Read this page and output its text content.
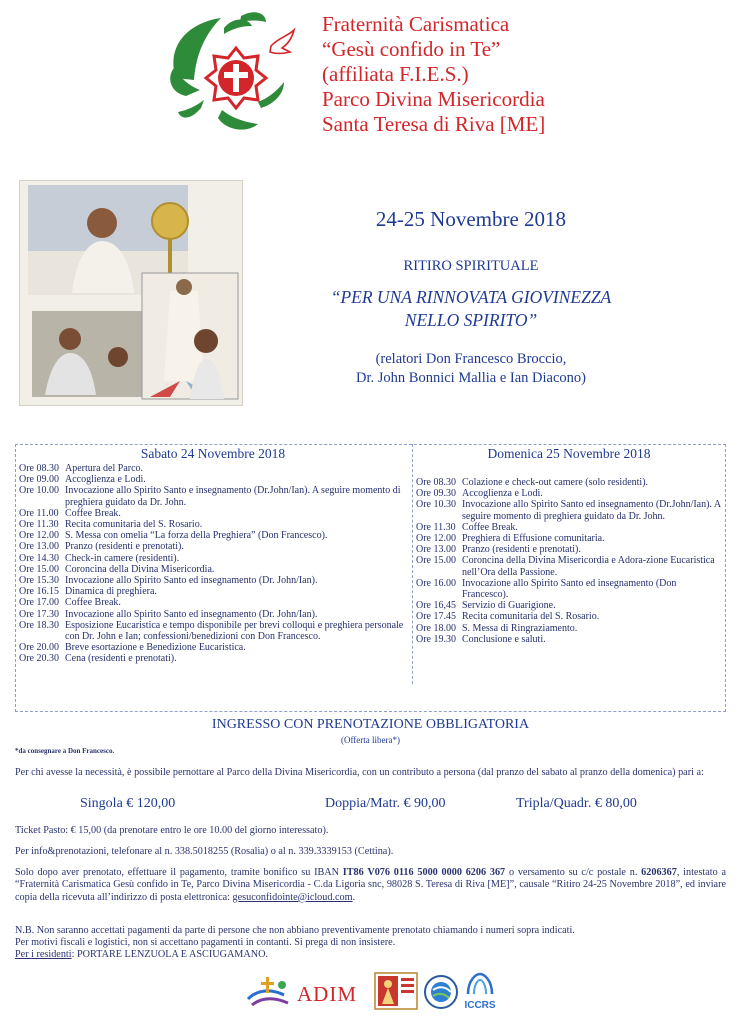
Fraternità Carismatica
“Gesù confido in Te”
(affiliata F.I.E.S.)
Parco Divina Misericordia
Santa Teresa di Riva [ME]
24-25 Novembre 2018
RITIRO SPIRITUALE
“PER UNA RINNOVATA GIOVINEZZA
NELLO SPIRITO”
(relatori Don Francesco Broccio,
Dr. John Bonnici Mallia e Ian Diacono)
Sabato 24 Novembre 2018	Domenica 25 Novembre 2018
Ore 08.30 Apertura del Parco.
Ore 09.00 Accoglienza e Lodi.
Ore 10.00 Invocazione allo Spirito Santo e insegnamento (Dr.John/Ian). A seguire momento di preghiera guidato da Dr. John.
Ore 11.00 Coffee Break.
Ore 11.30 Recita comunitaria del S. Rosario.
Ore 12.00 S. Messa con omelia “La forza della Preghiera” (Don Francesco).
Ore 13.00 Pranzo (residenti e prenotati).
Ore 14.30 Check-in camere (residenti).
Ore 15.00 Coroncina della Divina Misericordia.
Ore 15.30 Invocazione allo Spirito Santo ed insegnamento (Dr. John/Ian).
Ore 16.15 Dinamica di preghiera.
Ore 17.00 Coffee Break.
Ore 17.30 Invocazione allo Spirito Santo ed insegnamento (Dr. John/Ian).
Ore 18.30 Esposizione Eucaristica e tempo disponibile per brevi colloqui e preghiera personale con Dr. John e Ian; confessioni/benedizioni con Don Francesco.
Ore 20.00 Breve esortazione e Benedizione Eucaristica.
Ore 20.30 Cena (residenti e prenotati).
Ore 08.30 Colazione e check-out camere (solo residenti).
Ore 09.30 Accoglienza e Lodi.
Ore 10.30 Invocazione allo Spirito Santo ed insegnamento (Dr.John/Ian). A seguire momento di preghiera guidato da Dr. John.
Ore 11.30 Coffee Break.
Ore 12.00 Preghiera di Effusione comunitaria.
Ore 13.00 Pranzo (residenti e prenotati).
Ore 15.00 Coroncina della Divina Misericordia e Adora-zione Eucaristica nell’Ora della Passione.
Ore 16.00 Invocazione allo Spirito Santo ed insegnamento (Don Francesco).
Ore 16,45 Servizio di Guarigione.
Ore 17.45 Recita comunitaria del S. Rosario.
Ore 18.00 S. Messa di Ringraziamento.
Ore 19.30 Conclusione e saluti.
INGRESSO CON PRENOTAZIONE OBBLIGATORIA
(Offerta libera*)
*da consegnare a Don Francesco.
Per chi avesse la necessità, è possibile pernottare al Parco della Divina Misericordia, con un contributo a persona (dal pranzo del sabato al pranzo della domenica) pari a:
Singola € 120,00	Doppia/Matr. € 90,00	Tripla/Quadr. € 80,00
Ticket Pasto: € 15,00 (da prenotare entro le ore 10.00 del giorno interessato).
Per info&prenotazioni, telefonare al n. 338.5018255 (Rosalia) o al n. 339.3339153 (Cettina).
Solo dopo aver prenotato, effettuare il pagamento, tramite bonifico su IBAN IT86 V076 0116 5000 0000 6206 367 o versamento su c/c postale n. 6206367, intestato a “Fraternità Carismatica Gesù confido in Te, Parco Divina Misericordia - C.da Ligoria snc, 98028 S. Teresa di Riva [ME]”, causale “Ritiro 24-25 Novembre 2018”, ed inviare copia della ricevuta all’indirizzo di posta elettronica: gesuconfidointe@icloud.com.
N.B. Non saranno accettati pagamenti da parte di persone che non abbiano preventivamente prenotato chiamando i numeri sopra indicati.
Per motivi fiscali e logistici, non si accettano pagamenti in contanti. Si prega di non insistere.
Per i residenti: PORTARE LENZUOLA E ASCIUGAMANO.
ADIM	ICCRS
